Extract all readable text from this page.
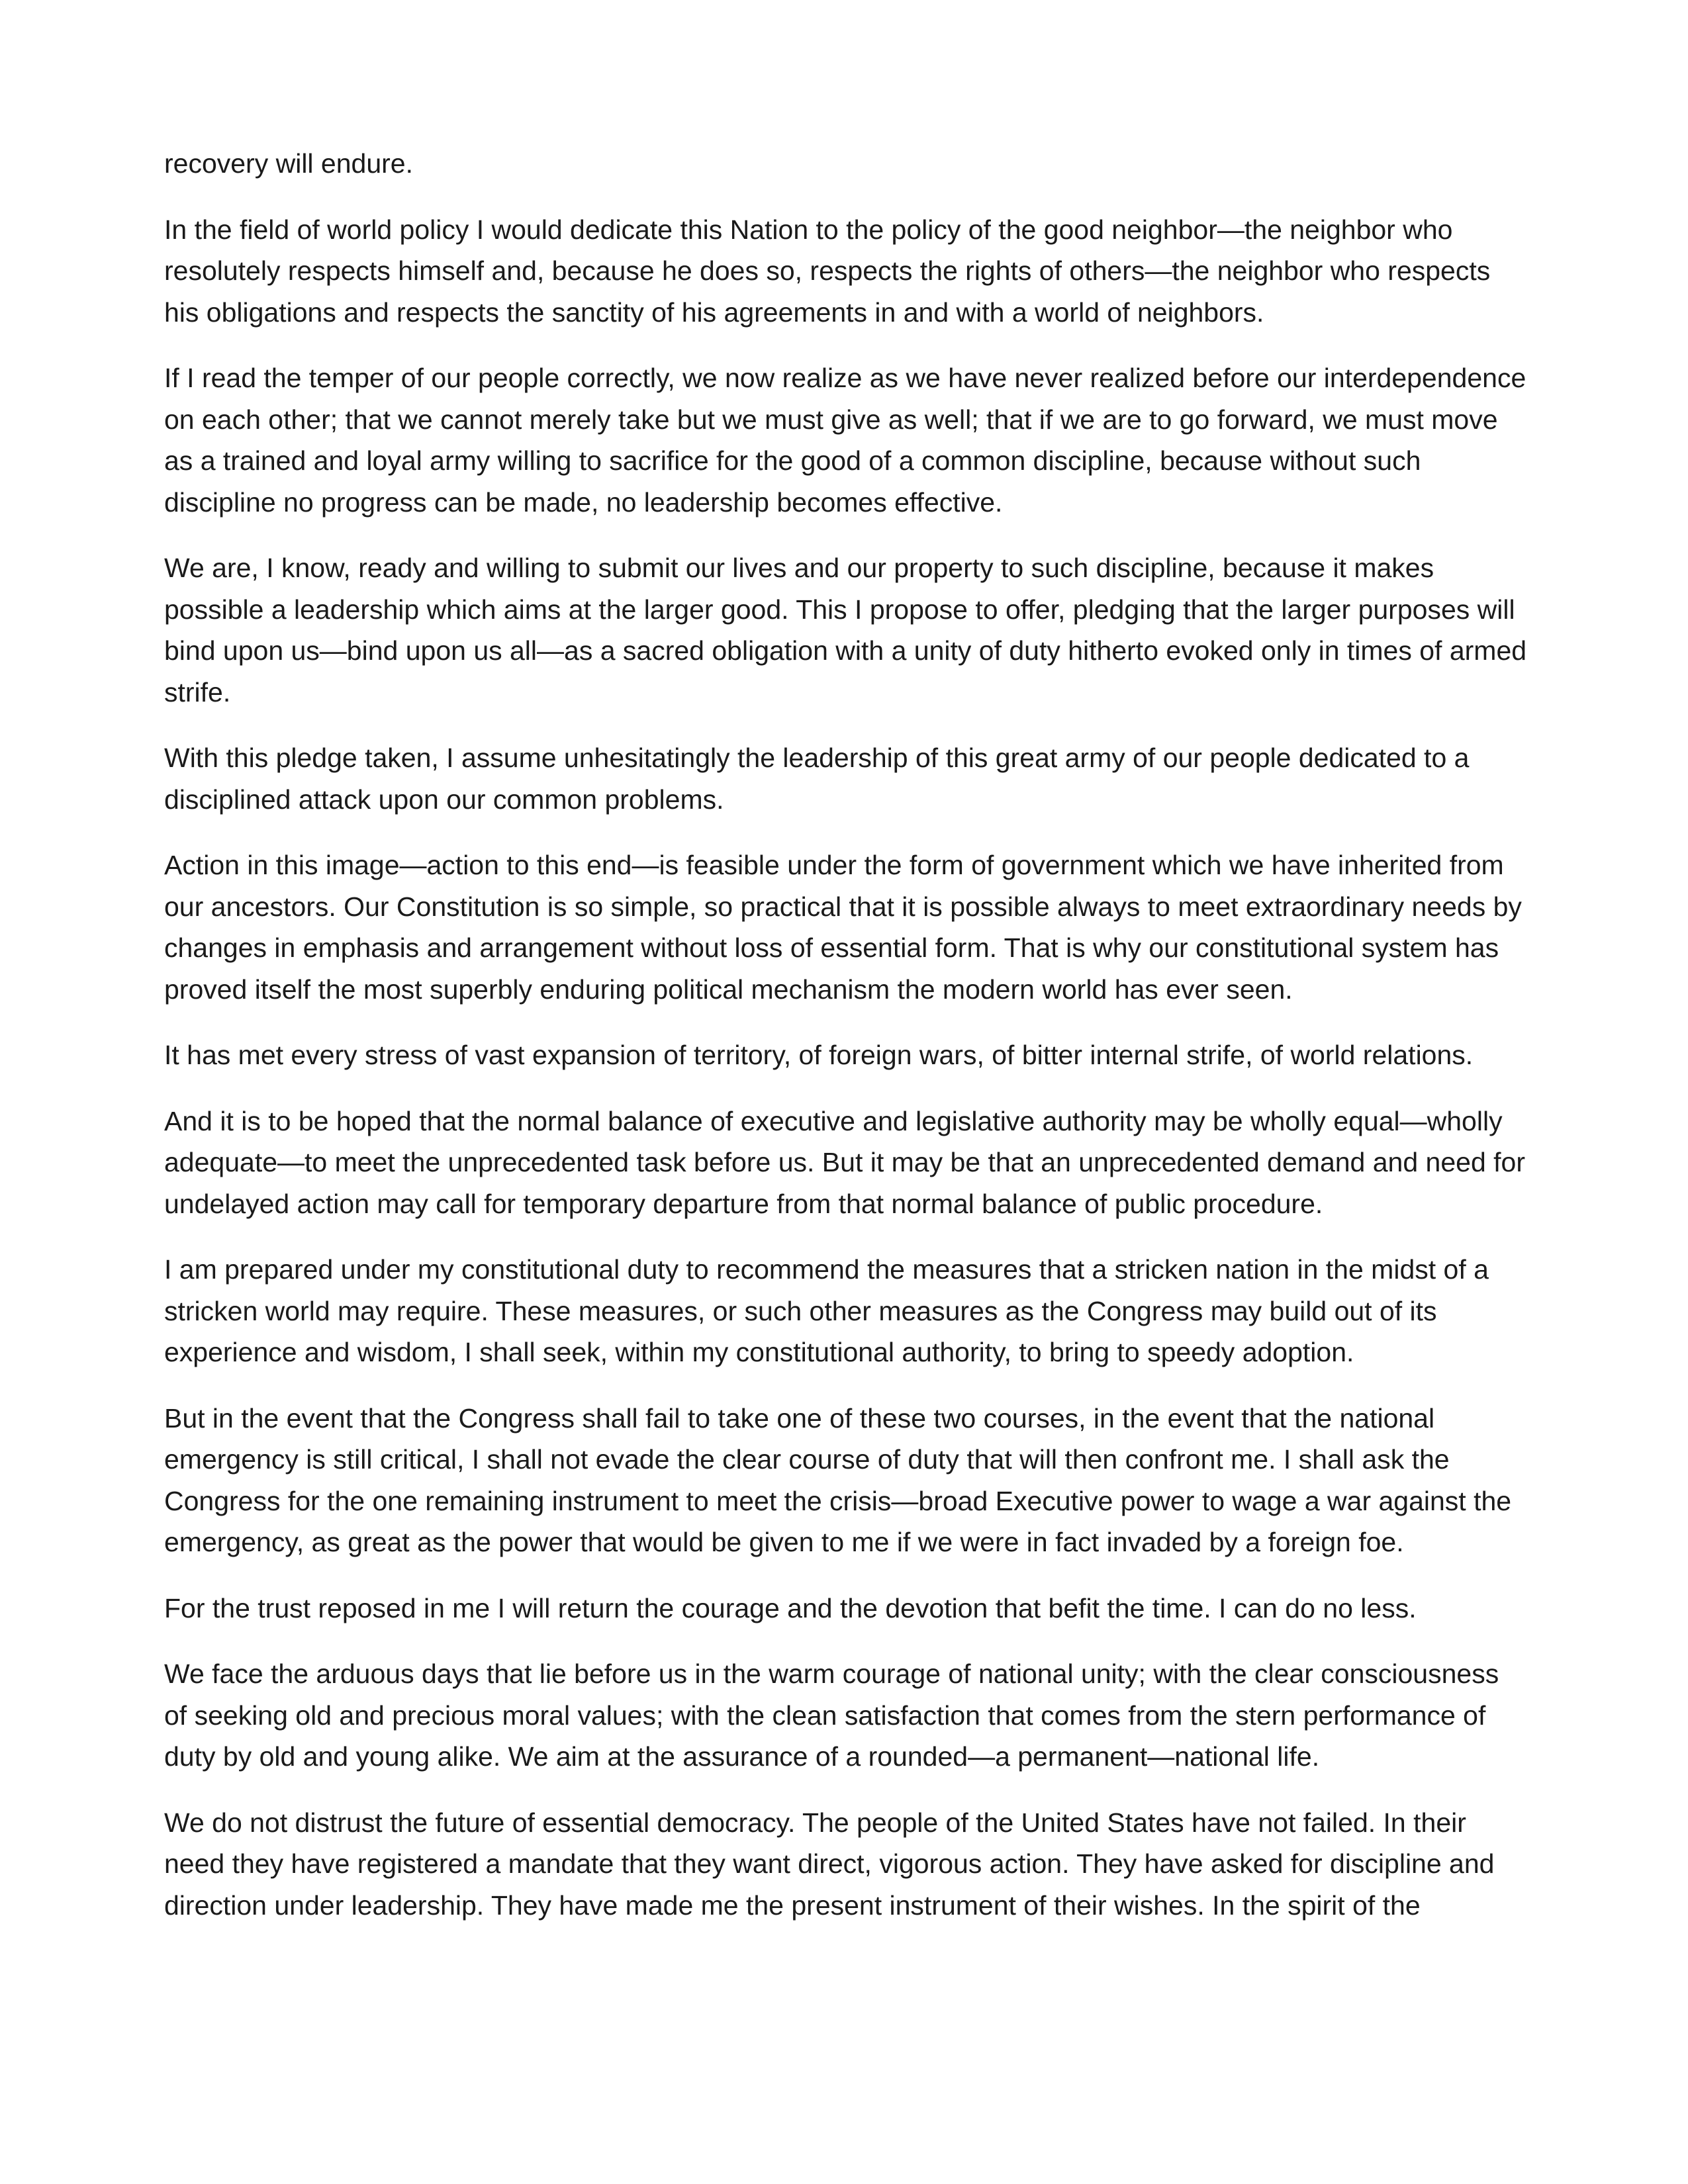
recovery will endure.

In the field of world policy I would dedicate this Nation to the policy of the good neighbor—the neighbor who resolutely respects himself and, because he does so, respects the rights of others—the neighbor who respects his obligations and respects the sanctity of his agreements in and with a world of neighbors.

If I read the temper of our people correctly, we now realize as we have never realized before our interdependence on each other; that we cannot merely take but we must give as well; that if we are to go forward, we must move as a trained and loyal army willing to sacrifice for the good of a common discipline, because without such discipline no progress can be made, no leadership becomes effective.

We are, I know, ready and willing to submit our lives and our property to such discipline, because it makes possible a leadership which aims at the larger good. This I propose to offer, pledging that the larger purposes will bind upon us—bind upon us all—as a sacred obligation with a unity of duty hitherto evoked only in times of armed strife.

With this pledge taken, I assume unhesitatingly the leadership of this great army of our people dedicated to a disciplined attack upon our common problems.

Action in this image—action to this end—is feasible under the form of government which we have inherited from our ancestors. Our Constitution is so simple, so practical that it is possible always to meet extraordinary needs by changes in emphasis and arrangement without loss of essential form. That is why our constitutional system has proved itself the most superbly enduring political mechanism the modern world has ever seen.

It has met every stress of vast expansion of territory, of foreign wars, of bitter internal strife, of world relations.

And it is to be hoped that the normal balance of executive and legislative authority may be wholly equal—wholly adequate—to meet the unprecedented task before us. But it may be that an unprecedented demand and need for undelayed action may call for temporary departure from that normal balance of public procedure.

I am prepared under my constitutional duty to recommend the measures that a stricken nation in the midst of a stricken world may require. These measures, or such other measures as the Congress may build out of its experience and wisdom, I shall seek, within my constitutional authority, to bring to speedy adoption.

But in the event that the Congress shall fail to take one of these two courses, in the event that the national emergency is still critical, I shall not evade the clear course of duty that will then confront me. I shall ask the Congress for the one remaining instrument to meet the crisis—broad Executive power to wage a war against the emergency, as great as the power that would be given to me if we were in fact invaded by a foreign foe.

For the trust reposed in me I will return the courage and the devotion that befit the time. I can do no less.

We face the arduous days that lie before us in the warm courage of national unity; with the clear consciousness of seeking old and precious moral values; with the clean satisfaction that comes from the stern performance of duty by old and young alike. We aim at the assurance of a rounded—a permanent—national life.

We do not distrust the future of essential democracy. The people of the United States have not failed. In their need they have registered a mandate that they want direct, vigorous action. They have asked for discipline and direction under leadership. They have made me the present instrument of their wishes. In the spirit of the
